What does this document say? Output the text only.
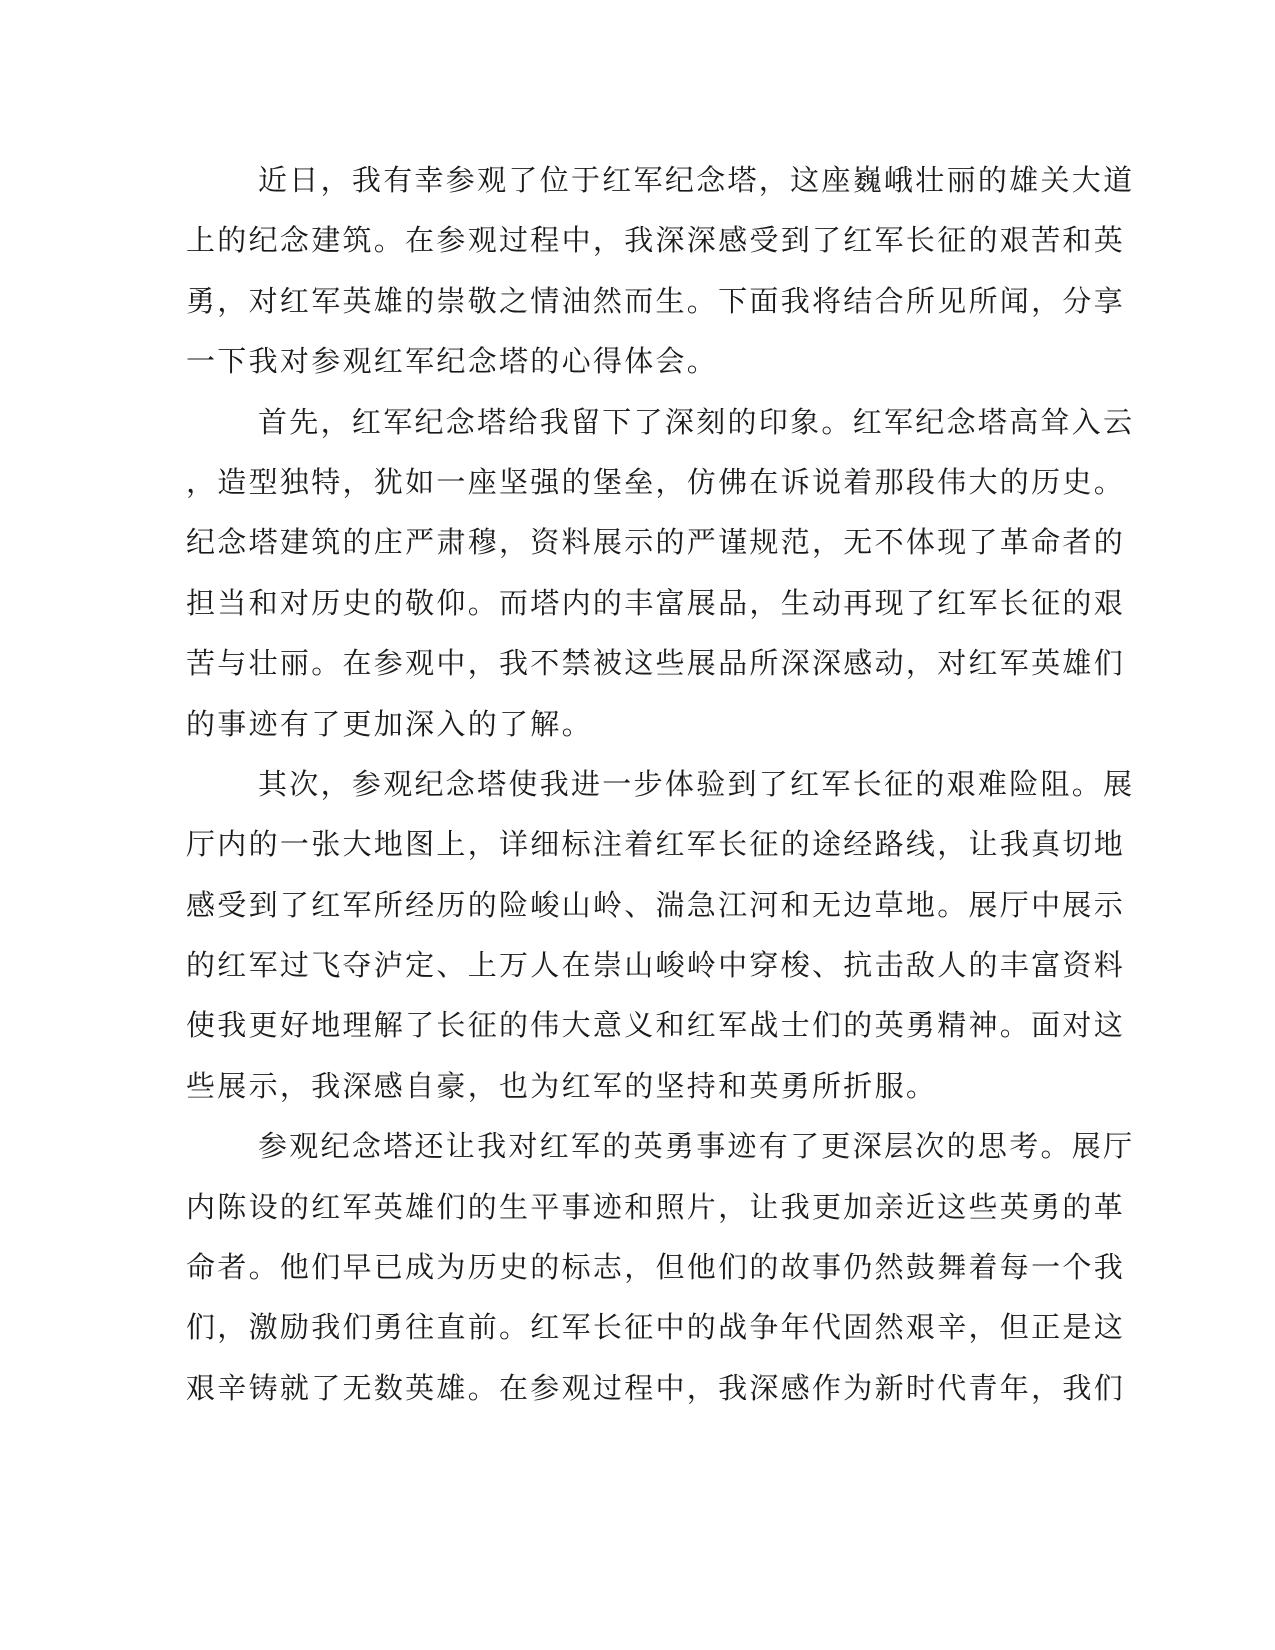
近日，我有幸参观了位于红军纪念塔，这座巍峨壮丽的雄关大道
上的纪念建筑。在参观过程中，我深深感受到了红军长征的艰苦和英
勇，对红军英雄的崇敬之情油然而生。下面我将结合所见所闻，分享
一下我对参观红军纪念塔的心得体会。
首先，红军纪念塔给我留下了深刻的印象。红军纪念塔高耸入云
，造型独特，犹如一座坚强的堡垒，仿佛在诉说着那段伟大的历史。
纪念塔建筑的庄严肃穆，资料展示的严谨规范，无不体现了革命者的
担当和对历史的敬仰。而塔内的丰富展品，生动再现了红军长征的艰
苦与壮丽。在参观中，我不禁被这些展品所深深感动，对红军英雄们
的事迹有了更加深入的了解。
其次，参观纪念塔使我进一步体验到了红军长征的艰难险阻。展
厅内的一张大地图上，详细标注着红军长征的途经路线，让我真切地
感受到了红军所经历的险峻山岭、湍急江河和无边草地。展厅中展示
的红军过飞夺泸定、上万人在崇山峻岭中穿梭、抗击敌人的丰富资料
使我更好地理解了长征的伟大意义和红军战士们的英勇精神。面对这
些展示，我深感自豪，也为红军的坚持和英勇所折服。
参观纪念塔还让我对红军的英勇事迹有了更深层次的思考。展厅
内陈设的红军英雄们的生平事迹和照片，让我更加亲近这些英勇的革
命者。他们早已成为历史的标志，但他们的故事仍然鼓舞着每一个我
们，激励我们勇往直前。红军长征中的战争年代固然艰辛，但正是这
艰辛铸就了无数英雄。在参观过程中，我深感作为新时代青年，我们
